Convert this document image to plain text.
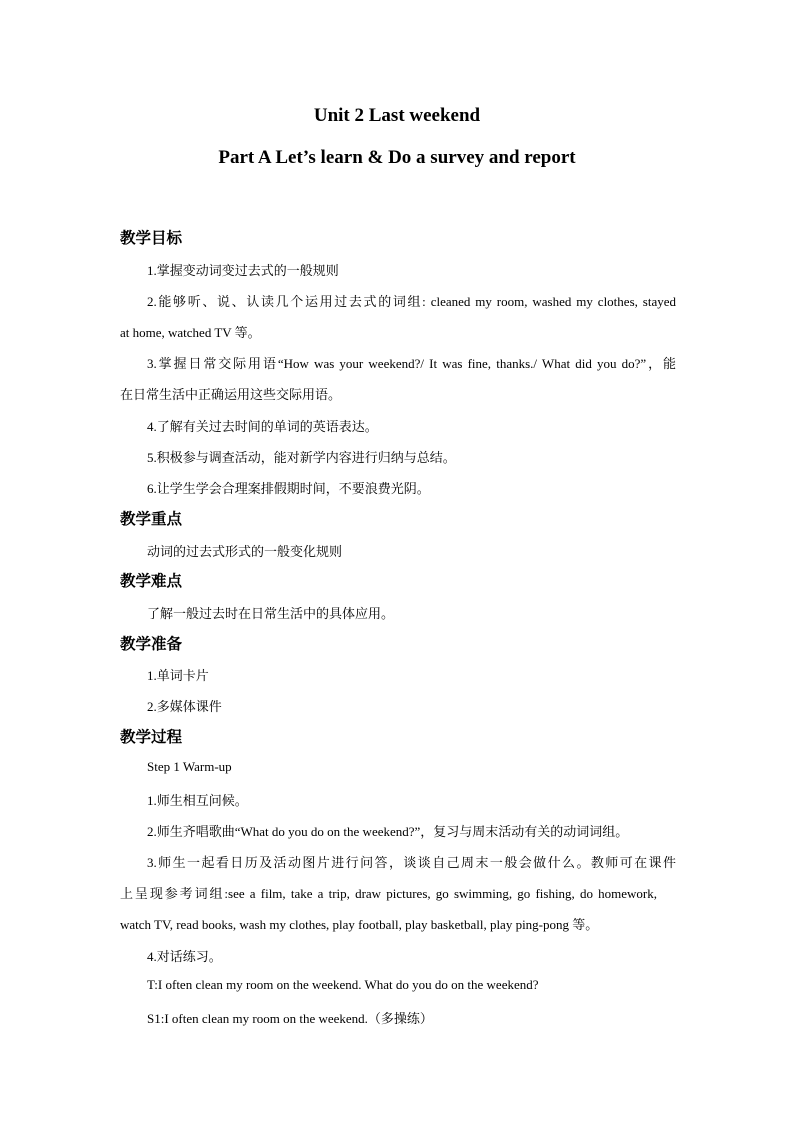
Unit 2 Last weekend
Part A Let’s learn & Do a survey and report
教学目标
1.掌握变动词变过去式的一般规则
2.能够听、说、认读几个运用过去式的词组: cleaned my room, washed my clothes, stayed
at home, watched TV 等。
3.掌握日常交际用语“How was your weekend?/ It was fine, thanks./ What did you do?”，能
在日常生活中正确运用这些交际用语。
4.了解有关过去时间的单词的英语表达。
5.积极参与调查活动，能对新学内容进行归纳与总结。
6.让学生学会合理案排假期时间，不要浪费光阴。
教学重点
动词的过去式形式的一般变化规则
教学难点
了解一般过去时在日常生活中的具体应用。
教学准备
1.单词卡片
2.多媒体课件
教学过程
Step 1 Warm-up
1.师生相互问候。
2.师生齐唱歌曲“What do you do on the weekend?”，复习与周末活动有关的动词词组。
3.师生一起看日历及活动图片进行问答，谈谈自己周末一般会做什么。教师可在课件
上呈现参考词组:see a film, take a trip, draw pictures, go swimming, go fishing, do homework,
watch TV, read books, wash my clothes, play football, play basketball, play ping-pong 等。
4.对话练习。
T:I often clean my room on the weekend. What do you do on the weekend?
S1:I often clean my room on the weekend.（多操练）
